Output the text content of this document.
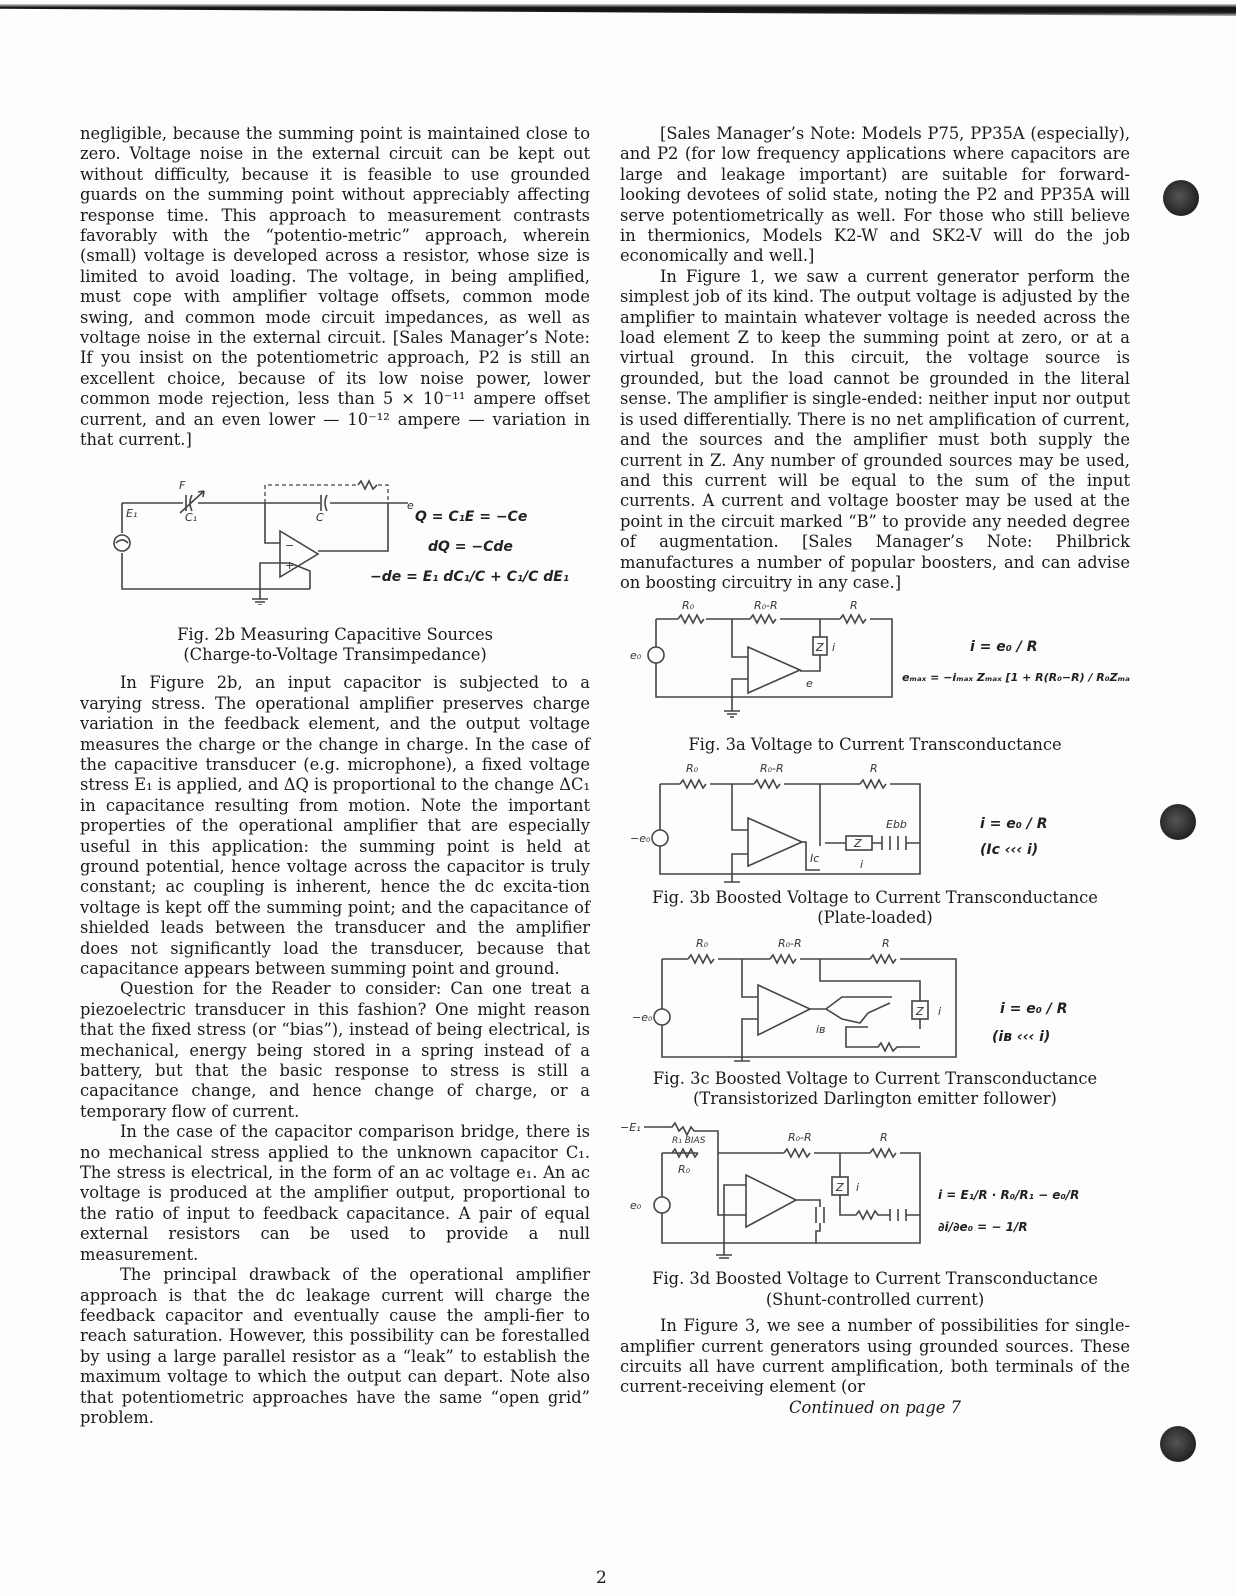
negligible, because the summing point is maintained close to zero. Voltage noise in the external circuit can be kept out without difficulty, because it is feasible to use grounded guards on the summing point without appreciably affecting response time. This approach to measurement contrasts favorably with the “potentio-metric” approach, wherein (small) voltage is developed across a resistor, whose size is limited to avoid loading. The voltage, in being amplified, must cope with amplifier voltage offsets, common mode swing, and common mode circuit impedances, as well as voltage noise in the external circuit. [Sales Manager’s Note: If you insist on the potentiometric approach, P2 is still an excellent choice, because of its low noise power, lower common mode rejection, less than 5 × 10⁻¹¹ ampere offset current, and an even lower — 10⁻¹² ampere — variation in that current.]

F
E₁	C₁	C
e
−
+
Q = C₁E = −Ce
dQ = −Cde
−de = E₁ dC₁/C + C₁/C dE₁
Fig. 2b Measuring Capacitive Sources
(Charge-to-Voltage Transimpedance)

In Figure 2b, an input capacitor is subjected to a varying stress. The operational amplifier preserves charge variation in the feedback element, and the output voltage measures the charge or the change in charge. In the case of the capacitive transducer (e.g. microphone), a fixed voltage stress E₁ is applied, and ΔQ is proportional to the change ΔC₁ in capacitance resulting from motion. Note the important properties of the operational amplifier that are especially useful in this application: the summing point is held at ground potential, hence voltage across the capacitor is truly constant; ac coupling is inherent, hence the dc excita-tion voltage is kept off the summing point; and the capacitance of shielded leads between the transducer and the amplifier does not significantly load the transducer, because that capacitance appears between summing point and ground.

Question for the Reader to consider: Can one treat a piezoelectric transducer in this fashion? One might reason that the fixed stress (or “bias”), instead of being electrical, is mechanical, energy being stored in a spring instead of a battery, but that the basic response to stress is still a capacitance change, and hence change of charge, or a temporary flow of current.

In the case of the capacitor comparison bridge, there is no mechanical stress applied to the unknown capacitor C₁. The stress is electrical, in the form of an ac voltage e₁. An ac voltage is produced at the amplifier output, proportional to the ratio of input to feedback capacitance. A pair of equal external resistors can be used to provide a null measurement.

The principal drawback of the operational amplifier approach is that the dc leakage current will charge the feedback capacitor and eventually cause the ampli-fier to reach saturation. However, this possibility can be forestalled by using a large parallel resistor as a “leak” to establish the maximum voltage to which the output can depart. Note also that potentiometric approaches have the same “open grid” problem.

[Sales Manager’s Note: Models P75, PP35A (especially), and P2 (for low frequency applications where capacitors are large and leakage important) are suitable for forward-looking devotees of solid state, noting the P2 and PP35A will serve potentiometrically as well. For those who still believe in thermionics, Models K2-W and SK2-V will do the job economically and well.]

In Figure 1, we saw a current generator perform the simplest job of its kind. The output voltage is adjusted by the amplifier to maintain whatever voltage is needed across the load element Z to keep the summing point at zero, or at a virtual ground. In this circuit, the voltage source is grounded, but the load cannot be grounded in the literal sense. The amplifier is single-ended: neither input nor output is used differentially. There is no net amplification of current, and the sources and the amplifier must both supply the current in Z. Any number of grounded sources may be used, and this current will be equal to the sum of the input currents. A current and voltage booster may be used at the point in the circuit marked “B” to provide any needed degree of augmentation. [Sales Manager’s Note: Philbrick manufactures a number of popular boosters, and can advise on boosting circuitry in any case.]

R₀	R₀-R	R
e₀
Z i
e
i = e₀ / R
eₘₐₓ = −iₘₐₓ Zₘₐₓ [1 + R(R₀−R) / R₀Zₘₐₓ]
Fig. 3a Voltage to Current Transconductance
R₀	R₀-R	R
−e₀	Z
Ebb
Iᴄ	i
i = e₀ / R
(Iᴄ ‹‹‹ i)
Fig. 3b Boosted Voltage to Current Transconductance
(Plate-loaded)
R₀	R₀-R	R
−e₀	Z i
iʙ
i = e₀ / R
(iʙ ‹‹‹ i)
Fig. 3c Boosted Voltage to Current Transconductance
(Transistorized Darlington emitter follower)
−E₁
R₁ BIAS
R₀
R₀-R	R
e₀
Z i
i = E₁/R · R₀/R₁ − e₀/R
∂i/∂e₀ = − 1/R
Fig. 3d Boosted Voltage to Current Transconductance
(Shunt-controlled current)

In Figure 3, we see a number of possibilities for single-amplifier current generators using grounded sources. These circuits all have current amplification, both terminals of the current-receiving element (or

Continued on page 7
2
